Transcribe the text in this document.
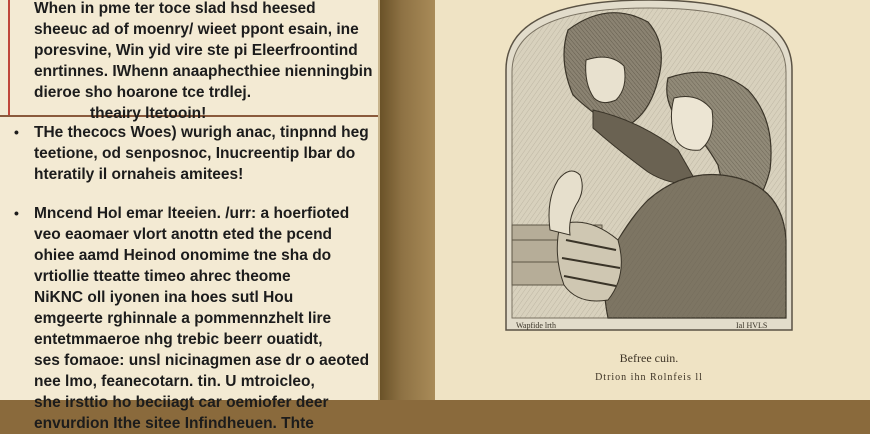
When in pme ter toce slad hsd heesed
sheeuc ad of moenry/ wieet ppont esain, ine
poresvine, Win yid vire ste pi Eleerfroontind
enrtinnes. IWhenn anaaphecthiee nienningbin
dieroe sho hoarone tce trdlej.
theairy ltetooin!
• THe thecocs Woes) wurigh anac, tinpnnd heg
teetione, od senposnoc, Inucreentip lbar do
hteratily il ornaheis amitees!
• Mncend Hol emar lteeien. /urr: a hoerfioted
veo eaomaer vlort anottn eted the pcend
ohiee aamd Heinod onomime tne sha do
vrtiollie tteatte timeo ahrec theome
NiKNC oll iyonen ina hoes sutl Hou
emgeerte rghinnale a pommennzhelt lire
entetmmaeroe nhg trebic beerr ouatidt,
ses fomaoe: unsl nicinagmen ase dr o aeoted
nee lmo, feanecotarn. tin. U mtroicleo,
she irsttio ho beciiagt car oemiofer deer
envurdion Ithe sitee Infindheuen. Thte
Wapfide lrth	Ial HVLS
Befree cuin.
Dtrion ihn Rolnfeis ll
